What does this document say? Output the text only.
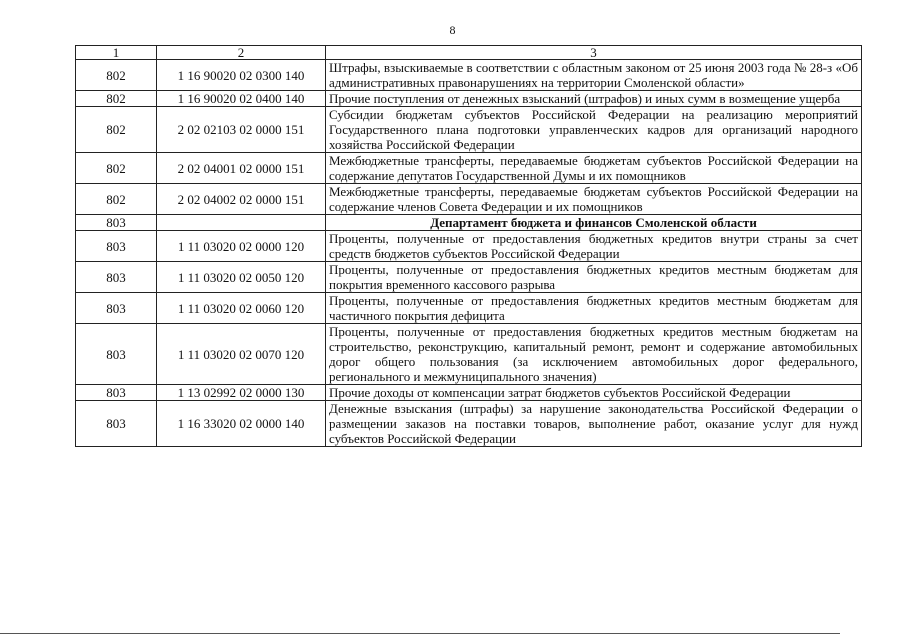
8
1	2	3
802	1 16 90020 02 0300 140	Штрафы, взыскиваемые в соответствии с областным законом от 25 июня 2003 года № 28-з «Об административных правонарушениях на территории Смоленской области»
802	1 16 90020 02 0400 140	Прочие поступления от денежных взысканий (штрафов) и иных сумм в возмещение ущерба
802	2 02 02103 02 0000 151	Субсидии бюджетам субъектов Российской Федерации на реализацию мероприятий Государственного плана подготовки управленческих кадров для организаций народного хозяйства Российской Федерации
802	2 02 04001 02 0000 151	Межбюджетные трансферты, передаваемые бюджетам субъектов Российской Федерации на содержание депутатов Государственной Думы и их помощников
802	2 02 04002 02 0000 151	Межбюджетные трансферты, передаваемые бюджетам субъектов Российской Федерации на содержание членов Совета Федерации и их помощников
803		Департамент бюджета и финансов Смоленской области
803	1 11 03020 02 0000 120	Проценты, полученные от предоставления бюджетных кредитов внутри страны за счет средств бюджетов субъектов Российской Федерации
803	1 11 03020 02 0050 120	Проценты, полученные от предоставления бюджетных кредитов местным бюджетам для покрытия временного кассового разрыва
803	1 11 03020 02 0060 120	Проценты, полученные от предоставления бюджетных кредитов местным бюджетам для частичного покрытия дефицита
803	1 11 03020 02 0070 120	Проценты, полученные от предоставления бюджетных кредитов местным бюджетам на строительство, реконструкцию, капитальный ремонт, ремонт и содержание автомобильных дорог общего пользования (за исключением автомобильных дорог федерального, регионального и межмуниципального значения)
803	1 13 02992 02 0000 130	Прочие доходы от компенсации затрат бюджетов субъектов Российской Федерации
803	1 16 33020 02 0000 140	Денежные взыскания (штрафы) за нарушение законодательства Российской Федерации о размещении заказов на поставки товаров, выполнение работ, оказание услуг для нужд субъектов Российской Федерации
